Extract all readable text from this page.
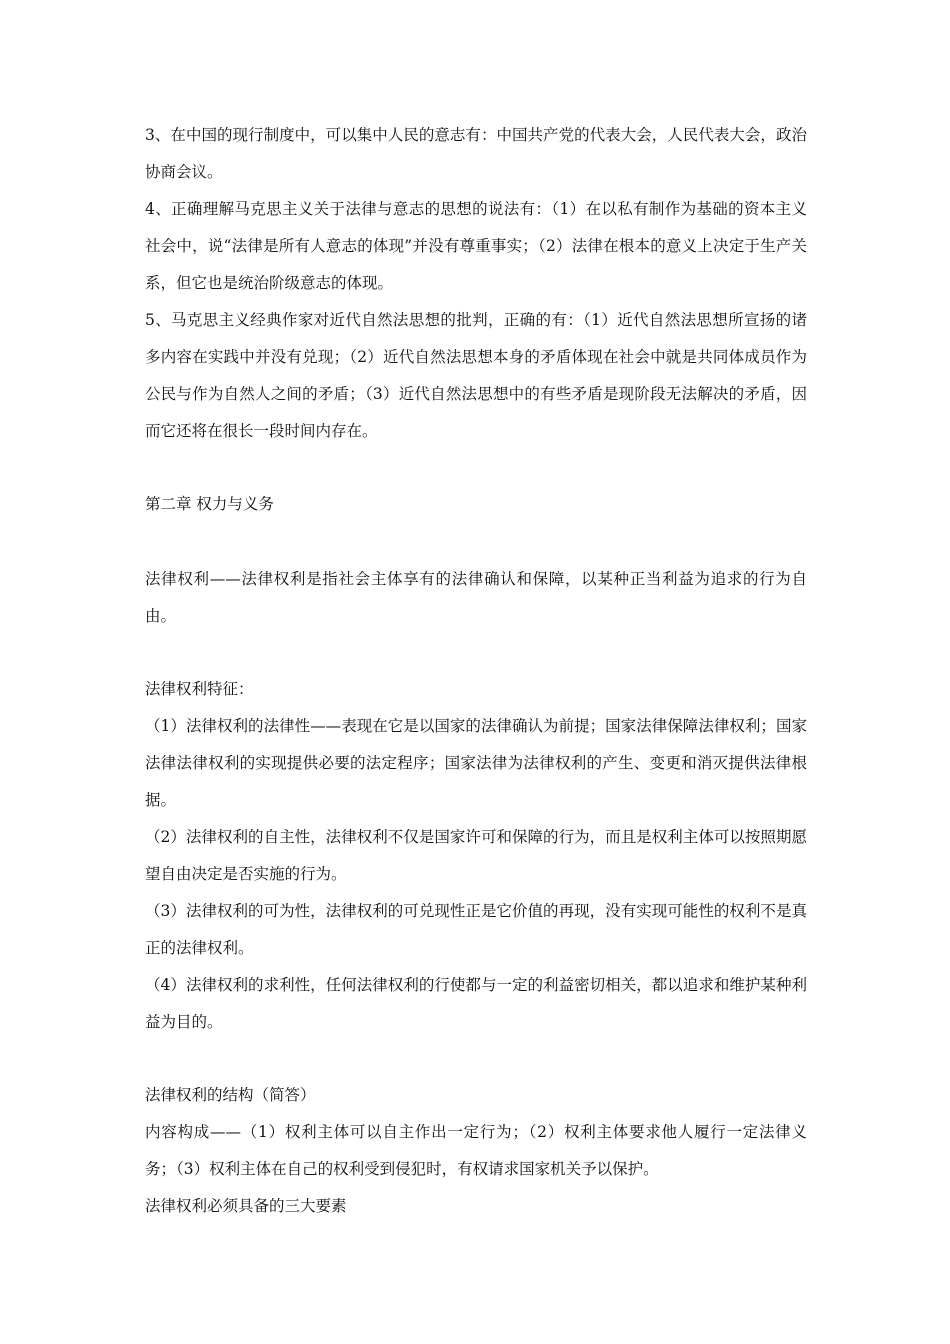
3、在中国的现行制度中，可以集中人民的意志有：中国共产党的代表大会，人民代表大会，政治协商会议。

4、正确理解马克思主义关于法律与意志的思想的说法有：（1）在以私有制作为基础的资本主义社会中，说“法律是所有人意志的体现”并没有尊重事实；（2）法律在根本的意义上决定于生产关系，但它也是统治阶级意志的体现。

5、马克思主义经典作家对近代自然法思想的批判，正确的有：（1）近代自然法思想所宣扬的诸多内容在实践中并没有兑现；（2）近代自然法思想本身的矛盾体现在社会中就是共同体成员作为公民与作为自然人之间的矛盾；（3）近代自然法思想中的有些矛盾是现阶段无法解决的矛盾，因而它还将在很长一段时间内存在。

第二章 权力与义务

法律权利——法律权利是指社会主体享有的法律确认和保障，以某种正当利益为追求的行为自由。

法律权利特征：

（1）法律权利的法律性——表现在它是以国家的法律确认为前提；国家法律保障法律权利；国家法律法律权利的实现提供必要的法定程序；国家法律为法律权利的产生、变更和消灭提供法律根据。

（2）法律权利的自主性，法律权利不仅是国家许可和保障的行为，而且是权利主体可以按照期愿望自由决定是否实施的行为。

（3）法律权利的可为性，法律权利的可兑现性正是它价值的再现，没有实现可能性的权利不是真正的法律权利。

（4）法律权利的求利性，任何法律权利的行使都与一定的利益密切相关，都以追求和维护某种利益为目的。

法律权利的结构（简答）

内容构成——（1）权利主体可以自主作出一定行为；（2）权利主体要求他人履行一定法律义务；（3）权利主体在自己的权利受到侵犯时，有权请求国家机关予以保护。

法律权利必须具备的三大要素
